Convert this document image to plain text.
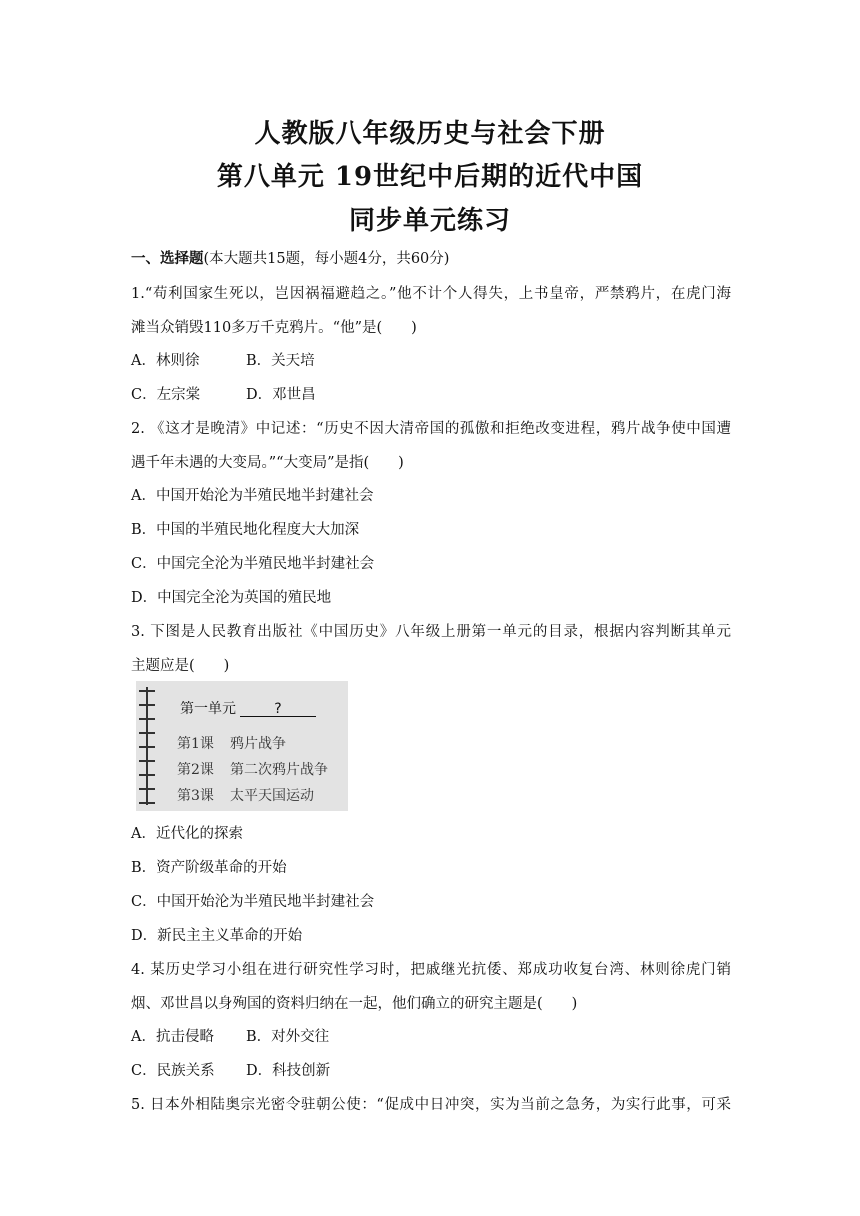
人教版八年级历史与社会下册
第八单元 19世纪中后期的近代中国
同步单元练习
一、选择题(本大题共15题，每小题4分，共60分)
1.“苟利国家生死以，岂因祸福避趋之。”他不计个人得失，上书皇帝，严禁鸦片，在虎门海
滩当众销毁110多万千克鸦片。“他”是(　　)
A．林则徐	B．关天培
C．左宗棠	D．邓世昌
2. 《这才是晚清》中记述：“历史不因大清帝国的孤傲和拒绝改变进程，鸦片战争使中国遭
遇千年未遇的大变局。”“大变局”是指(　　)
A．中国开始沦为半殖民地半封建社会
B．中国的半殖民地化程度大大加深
C．中国完全沦为半殖民地半封建社会
D．中国完全沦为英国的殖民地
3. 下图是人民教育出版社《中国历史》八年级上册第一单元的目录，根据内容判断其单元
主题应是(　　)
第一单元	?
第1课 鸦片战争
第2课 第二次鸦片战争
第3课 太平天国运动
A．近代化的探索
B．资产阶级革命的开始
C．中国开始沦为半殖民地半封建社会
D．新民主主义革命的开始
4. 某历史学习小组在进行研究性学习时，把戚继光抗倭、郑成功收复台湾、林则徐虎门销
烟、邓世昌以身殉国的资料归纳在一起，他们确立的研究主题是(　　)
A．抗击侵略 B．对外交往
C．民族关系 D．科技创新
5. 日本外相陆奥宗光密令驻朝公使：“促成中日冲突，实为当前之急务，为实行此事，可采
